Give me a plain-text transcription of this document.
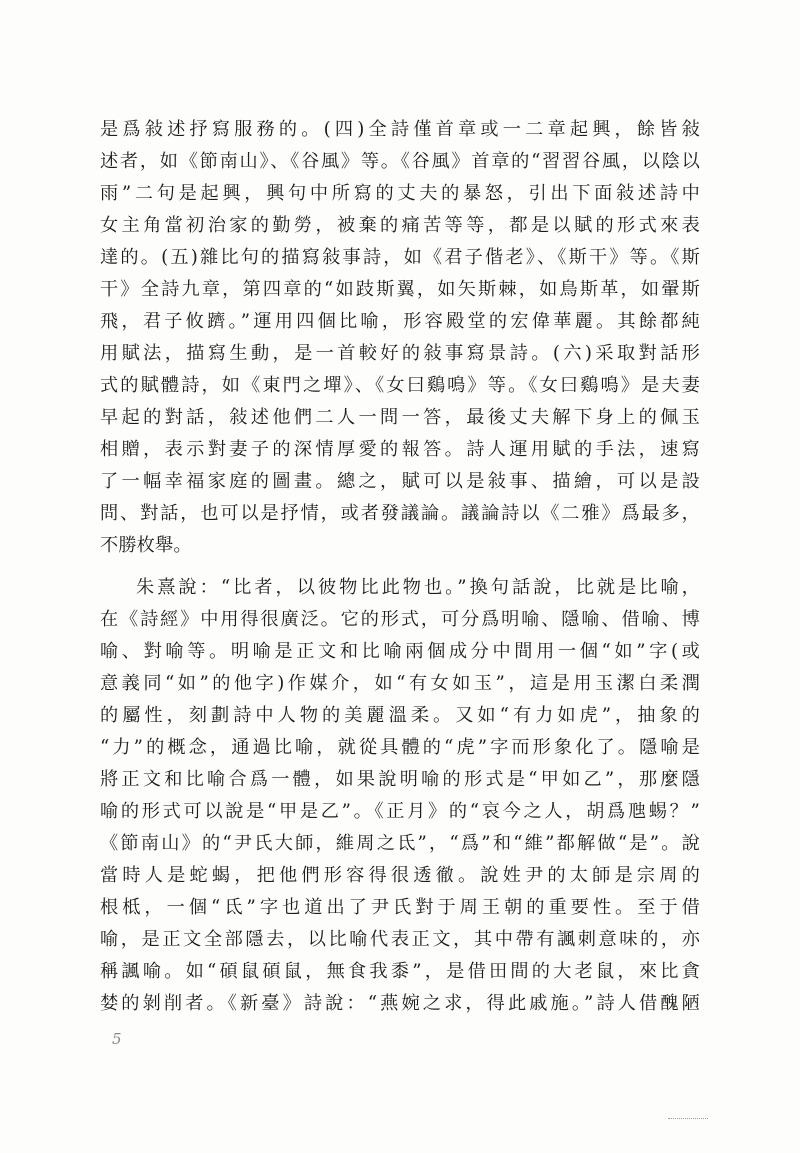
是爲敍述抒寫服務的。(四)全詩僅首章或一二章起興，餘皆敍
述者，如《節南山》、《谷風》等。《谷風》首章的“習習谷風，以陰以
雨”二句是起興，興句中所寫的丈夫的暴怒，引出下面敍述詩中
女主角當初治家的勤勞，被棄的痛苦等等，都是以賦的形式來表
達的。(五)雜比句的描寫敍事詩，如《君子偕老》、《斯干》等。《斯
干》全詩九章，第四章的“如跂斯翼，如矢斯棘，如鳥斯革，如翬斯
飛，君子攸躋。”運用四個比喻，形容殿堂的宏偉華麗。其餘都純
用賦法，描寫生動，是一首較好的敍事寫景詩。(六)采取對話形
式的賦體詩，如《東門之墠》、《女曰鷄鳴》等。《女曰鷄鳴》是夫妻
早起的對話，敍述他們二人一問一答，最後丈夫解下身上的佩玉
相贈，表示對妻子的深情厚愛的報答。詩人運用賦的手法，速寫
了一幅幸福家庭的圖畫。總之，賦可以是敍事、描繪，可以是設
問、對話，也可以是抒情，或者發議論。議論詩以《二雅》爲最多，
不勝枚舉。
朱熹說：“比者，以彼物比此物也。”換句話說，比就是比喻，
在《詩經》中用得很廣泛。它的形式，可分爲明喻、隱喻、借喻、博
喻、對喻等。明喻是正文和比喻兩個成分中間用一個“如”字(或
意義同“如”的他字)作媒介，如“有女如玉”，這是用玉潔白柔潤
的屬性，刻劃詩中人物的美麗溫柔。又如“有力如虎”，抽象的
“力”的概念，通過比喻，就從具體的“虎”字而形象化了。隱喻是
將正文和比喻合爲一體，如果說明喻的形式是“甲如乙”，那麼隱
喻的形式可以說是“甲是乙”。《正月》的“哀今之人，胡爲虺蜴？”
《節南山》的“尹氏大師，維周之氐”，“爲”和“維”都解做“是”。說
當時人是蛇蝎，把他們形容得很透徹。說姓尹的太師是宗周的
根柢，一個“氐”字也道出了尹氏對于周王朝的重要性。至于借
喻，是正文全部隱去，以比喻代表正文，其中帶有諷刺意味的，亦
稱諷喻。如“碩鼠碩鼠，無食我黍”，是借田間的大老鼠，來比貪
婪的剝削者。《新臺》詩說：“燕婉之求，得此戚施。”詩人借醜陋
5
